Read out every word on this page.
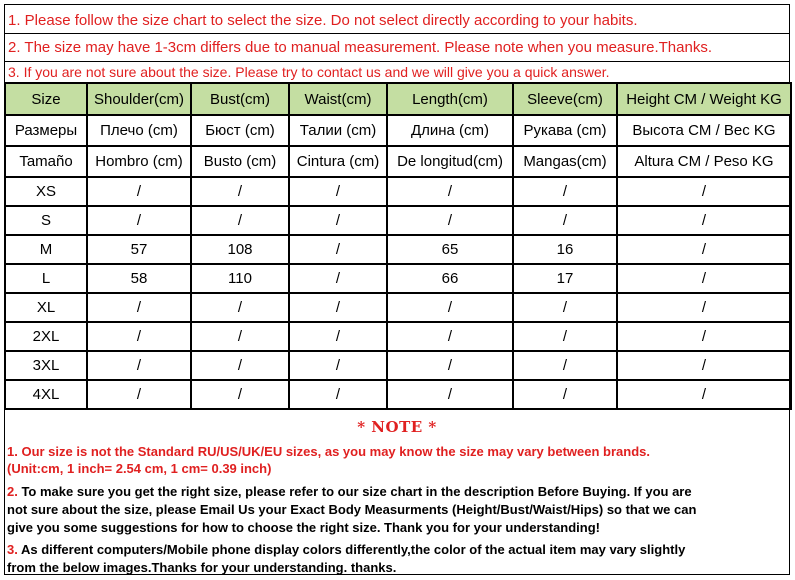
1. Please follow the size chart to select the size. Do not select directly according to your habits.
2. The size may have 1-3cm differs due to manual measurement. Please note when you measure.Thanks.
3. If you are not sure about the size. Please try to contact us and we will give you a quick answer.
Size	Shoulder(cm)	Bust(cm)	Waist(cm)	Length(cm)	Sleeve(cm)	Height CM / Weight KG
Размеры	Плечо (cm)	Бюст (cm)	Талии (cm)	Длина (cm)	Рукава (cm)	Высота CM / Вес KG
Tamaño	Hombro (cm)	Busto (cm)	Cintura (cm)	De longitud(cm)	Mangas(cm)	Altura CM / Peso KG
XS	/	/	/	/	/	/
S	/	/	/	/	/	/
M	57	108	/	65	16	/
L	58	110	/	66	17	/
XL	/	/	/	/	/	/
2XL	/	/	/	/	/	/
3XL	/	/	/	/	/	/
4XL	/	/	/	/	/	/
* NOTE *
1. Our size is not the Standard RU/US/UK/EU sizes, as you may know the size may vary between brands.
(Unit:cm, 1 inch= 2.54 cm, 1 cm= 0.39 inch)
2. To make sure you get the right size, please refer to our size chart in the description Before Buying. If you are
not sure about the size, please Email Us your Exact Body Measurments (Height/Bust/Waist/Hips) so that we can
give you some suggestions for how to choose the right size. Thank you for your understanding!
3. As different computers/Mobile phone display colors differently,the color of the actual item may vary slightly
from the below images.Thanks for your understanding. thanks.
